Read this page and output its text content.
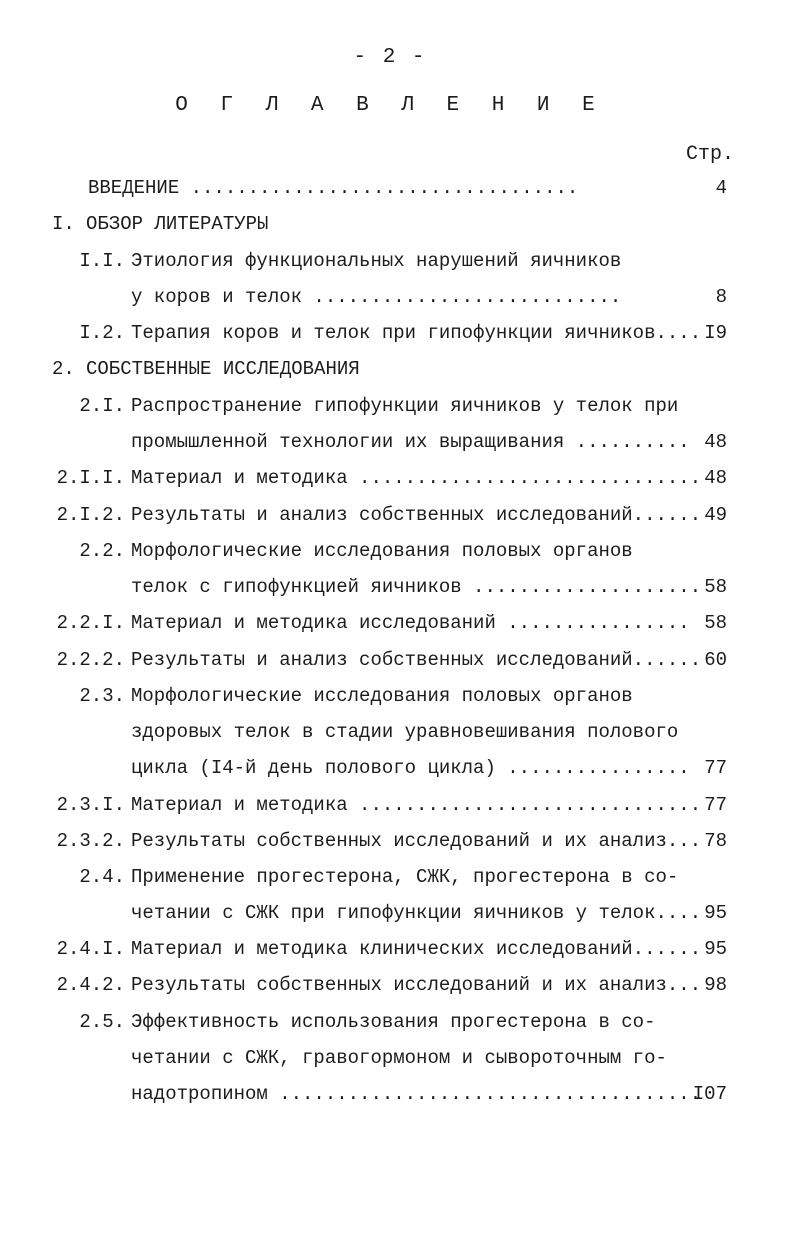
- 2 -
О Г Л А В Л Е Н И Е
Стр.
ВВЕДЕНИЕ ..................................	4
I. ОБЗОР ЛИТЕРАТУРЫ
I.I. Этиология функциональных нарушений яичников
у коров и телок ...........................	8
I.2. Терапия коров и телок при гипофункции яичников.... I9
2. СОБСТВЕННЫЕ ИССЛЕДОВАНИЯ
2.I. Распространение гипофункции яичников у телок при
промышленной технологии их выращивания .......... 48
2.I.I. Материал и методика .............................. 48
2.I.2. Результаты и анализ собственных исследований...... 49
2.2. Морфологические исследования половых органов
телок с гипофункцией яичников .................... 58
2.2.I. Материал и методика исследований ................ 58
2.2.2. Результаты и анализ собственных исследований...... 60
2.3. Морфологические исследования половых органов
здоровых телок в стадии уравновешивания полового
цикла (I4-й день полового цикла) ................ 77
2.3.I. Материал и методика .............................. 77
2.3.2. Результаты собственных исследований и их анализ... 78
2.4. Применение прогестерона, СЖК, прогестерона в со-
четании с СЖК при гипофункции яичников у телок.... 95
2.4.I. Материал и методика клинических исследований...... 95
2.4.2. Результаты собственных исследований и их анализ... 98
2.5. Эффективность использования прогестерона в со-
четании с СЖК, гравогормоном и сывороточным го-
надотропином .....................................
I07
